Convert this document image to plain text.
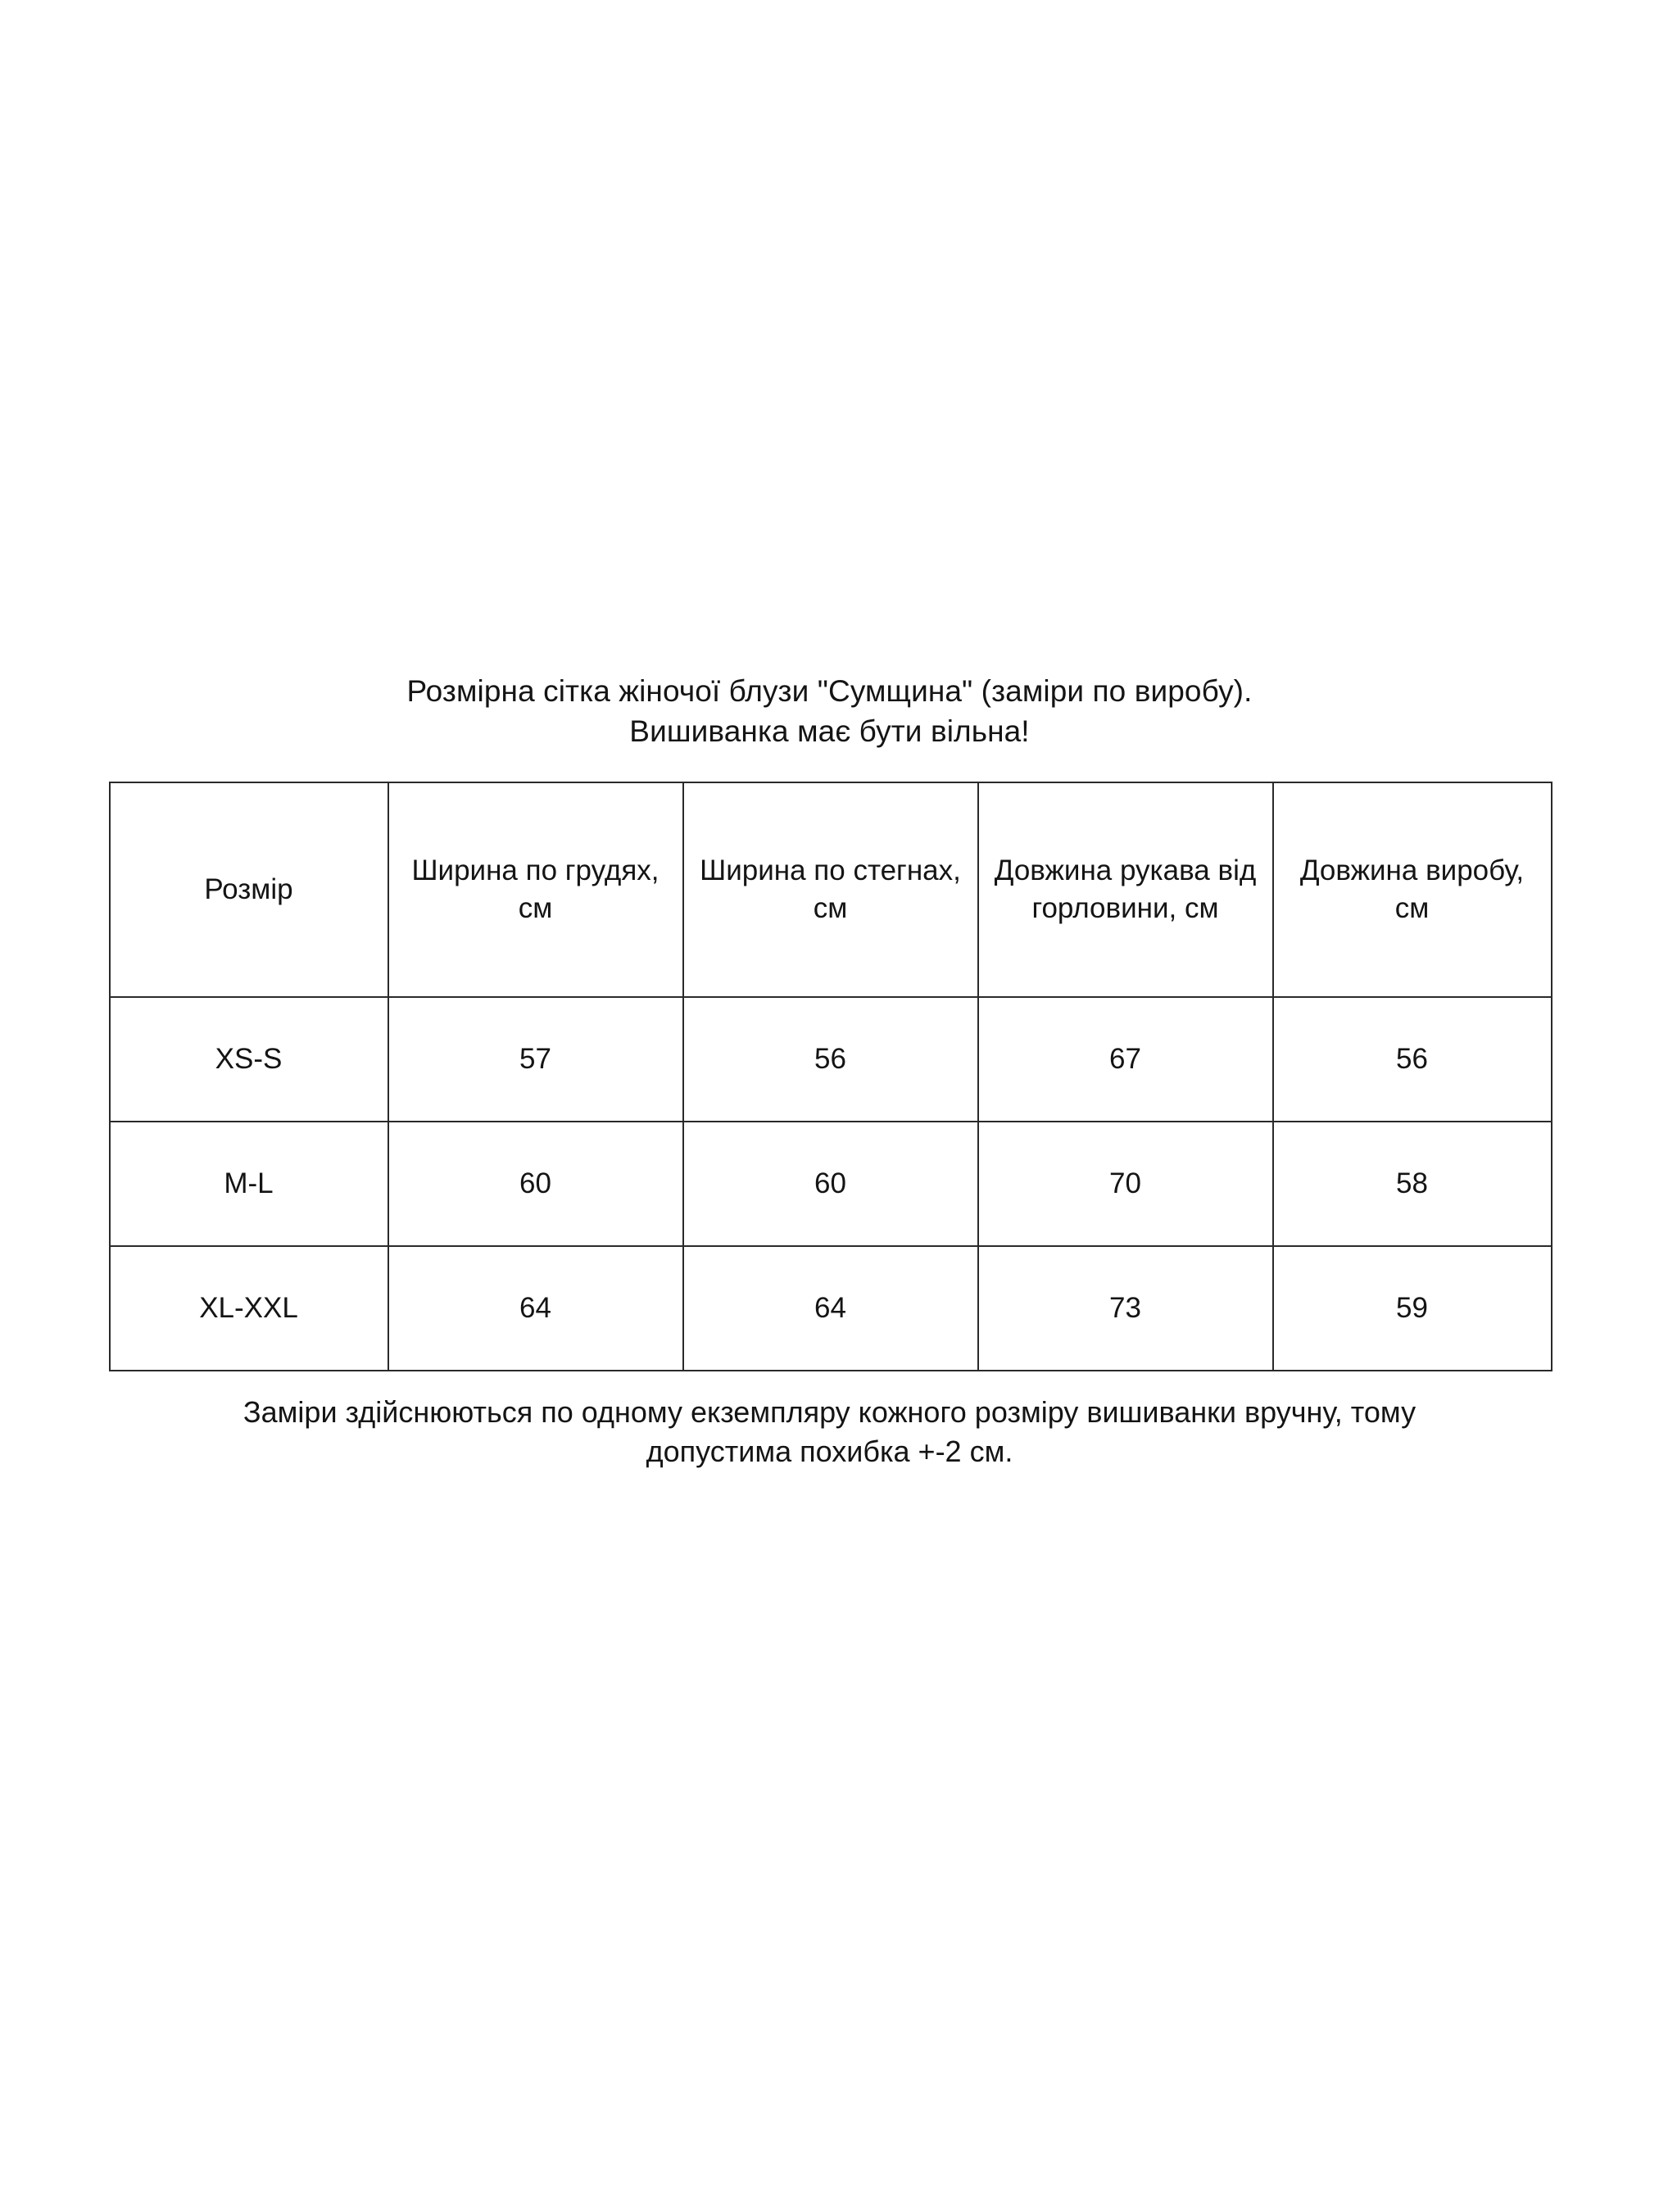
Розмірна сітка жіночої блузи "Сумщина" (заміри по виробу).
Вишиванка має бути вільна!
Розмір	Ширина по грудях, см	Ширина по стегнах, см	Довжина рукава від горловини, см	Довжина виробу, см
XS-S	57	56	67	56
M-L	60	60	70	58
XL-XXL	64	64	73	59
Заміри здійснюються по одному екземпляру кожного розміру вишиванки вручну, тому
допустима похибка +-2 см.
